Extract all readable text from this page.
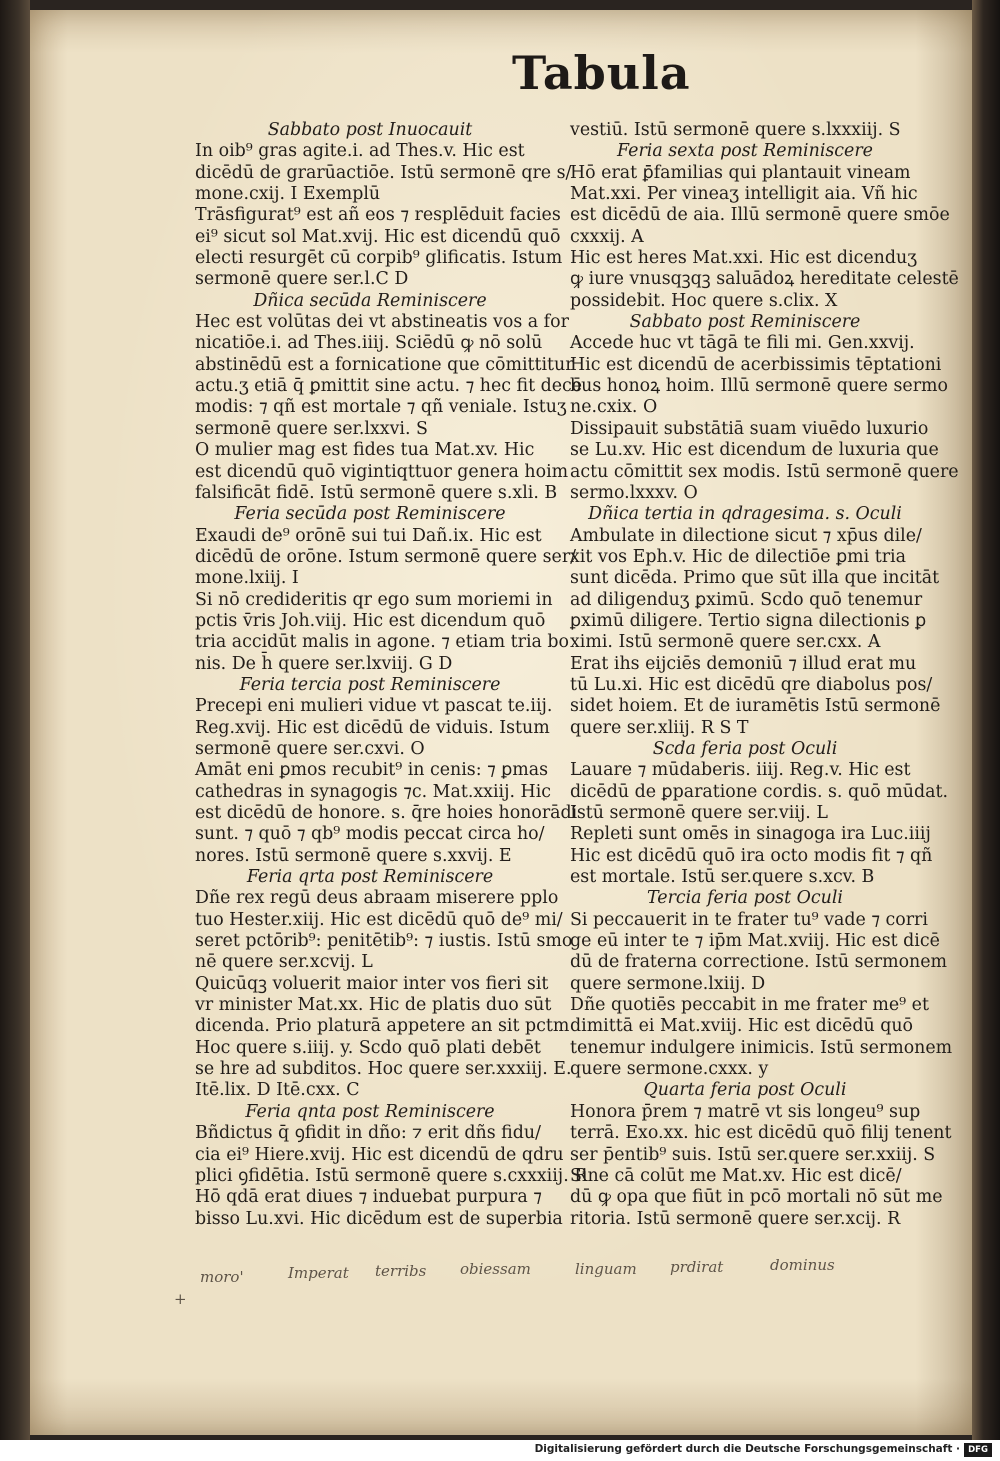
Tabula
Sabbato post Inuocauit
In oib⁹ gras agite.i. ad Thes.v. Hic est
dicēdū de grarūactiōe. Istū sermonē qre s/
mone.cxij. I Exemplū
Trāsfigurat⁹ est añ eos ⁊ resplēduit facies
ei⁹ sicut sol Mat.xvij. Hic est dicendū quō
electi resurgēt cū corpib⁹ glificatis. Istum
sermonē quere ser.l.C D
Dñica secūda Reminiscere
Hec est volūtas dei vt abstineatis vos a for
nicatiōe.i. ad Thes.iiij. Sciēdū ꝙ nō solū
abstinēdū est a fornicatione que cōmittitur
actu.ʒ etiā q̄ ꝑmittit sine actu. ⁊ hec fit decē
modis: ⁊ qñ est mortale ⁊ qñ veniale. Istuʒ
sermonē quere ser.lxxvi. S
O mulier mag est fides tua Mat.xv. Hic
est dicendū quō vigintiqttuor genera hoim
falsificāt fidē. Istū sermonē quere s.xli. B
Feria secūda post Reminiscere
Exaudi de⁹ orōnē sui tui Dañ.ix. Hic est
dicēdū de orōne. Istum sermonē quere ser/
mone.lxiij. I
Si nō credideritis qr ego sum moriemi in
pctis v̄ris Joh.viij. Hic est dicendum quō
tria accidūt malis in agone. ⁊ etiam tria bo
nis. De h̄ quere ser.lxviij. G D
Feria tercia post Reminiscere
Precepi eni mulieri vidue vt pascat te.iij.
Reg.xvij. Hic est dicēdū de viduis. Istum
sermonē quere ser.cxvi. O
Amāt eni ꝑmos recubit⁹ in cenis: ⁊ ꝑmas
cathedras in synagogis ⁊c. Mat.xxiij. Hic
est dicēdū de honore. s. q̄re hoies honorādi
sunt. ⁊ quō ⁊ qb⁹ modis peccat circa ho/
nores. Istū sermonē quere s.xxvij. E
Feria qrta post Reminiscere
Dñe rex regū deus abraam miserere pplo
tuo Hester.xiij. Hic est dicēdū quō de⁹ mi/
seret pctōrib⁹: penitētib⁹: ⁊ iustis. Istū smo
nē quere ser.xcvij. L
Quicūqꝫ voluerit maior inter vos fieri sit
vr minister Mat.xx. Hic de platis duo sūt
dicenda. Prio platurā appetere an sit pctm
Hoc quere s.iiij. y. Scdo quō plati debēt
se hre ad subditos. Hoc quere ser.xxxiij. E.
Itē.lix. D Itē.cxx. C
Feria qnta post Reminiscere
Bñdictus q̄ ꝯfidit in dño: ⁊ erit dñs fidu/
cia ei⁹ Hiere.xvij. Hic est dicendū de qdru
plici ꝯfidētia. Istū sermonē quere s.cxxxiij. R
Hō qdā erat diues ⁊ induebat purpura ⁊
bisso Lu.xvi. Hic dicēdum est de superbia
vestiū. Istū sermonē quere s.lxxxiij. S
Feria sexta post Reminiscere
Hō erat ꝑ̄familias qui plantauit vineam
Mat.xxi. Per vineaʒ intelligit aia. Vñ hic
est dicēdū de aia. Illū sermonē quere smōe
cxxxij. A
Hic est heres Mat.xxi. Hic est dicenduʒ
ꝙ iure vnusqꝫqꝫ saluādoꝝ hereditate celestē
possidebit. Hoc quere s.clix. X
Sabbato post Reminiscere
Accede huc vt tāgā te fili mi. Gen.xxvij.
Hic est dicendū de acerbissimis tēptationi
bus honoꝝ hoim. Illū sermonē quere sermo
ne.cxix. O
Dissipauit substātiā suam viuēdo luxurio
se Lu.xv. Hic est dicendum de luxuria que
actu cōmittit sex modis. Istū sermonē quere
sermo.lxxxv. O
Dñica tertia in qdragesima. s. Oculi
Ambulate in dilectione sicut ⁊ xp̄us dile/
xit vos Eph.v. Hic de dilectiōe ꝑmi tria
sunt dicēda. Primo que sūt illa que incitāt
ad diligenduʒ ꝑximū. Scdo quō tenemur
ꝑximū diligere. Tertio signa dilectionis ꝑ
ximi. Istū sermonē quere ser.cxx. A
Erat ihs eijciēs demoniū ⁊ illud erat mu
tū Lu.xi. Hic est dicēdū qre diabolus pos/
sidet hoiem. Et de iuramētis Istū sermonē
quere ser.xliij. R S T
Scda feria post Oculi
Lauare ⁊ mūdaberis. iiij. Reg.v. Hic est
dicēdū de ꝑparatione cordis. s. quō mūdat.
Istū sermonē quere ser.viij. L
Repleti sunt omēs in sinagoga ira Luc.iiij
Hic est dicēdū quō ira octo modis fit ⁊ qñ
est mortale. Istū ser.quere s.xcv. B
Tercia feria post Oculi
Si peccauerit in te frater tu⁹ vade ⁊ corri
ge eū inter te ⁊ ip̄m Mat.xviij. Hic est dicē
dū de fraterna correctione. Istū sermonem
quere sermone.lxiij. D
Dñe quotiēs peccabit in me frater me⁹ et
dimittā ei Mat.xviij. Hic est dicēdū quō
tenemur indulgere inimicis. Istū sermonem
quere sermone.cxxx. y
Quarta feria post Oculi
Honora p̄rem ⁊ matrē vt sis longeu⁹ sup
terrā. Exo.xx. hic est dicēdū quō filij tenent
ser p̄entib⁹ suis. Istū ser.quere ser.xxiij. S
Sine cā colūt me Mat.xv. Hic est dicē/
dū ꝙ opa que fiūt in pcō mortali nō sūt me
ritoria. Istū sermonē quere ser.xcij. R
moro'	Imperat terribs obiessam	linguam prdirat	dominus
+
Digitalisierung gefördert durch die Deutsche Forschungsgemeinschaft · DFG
